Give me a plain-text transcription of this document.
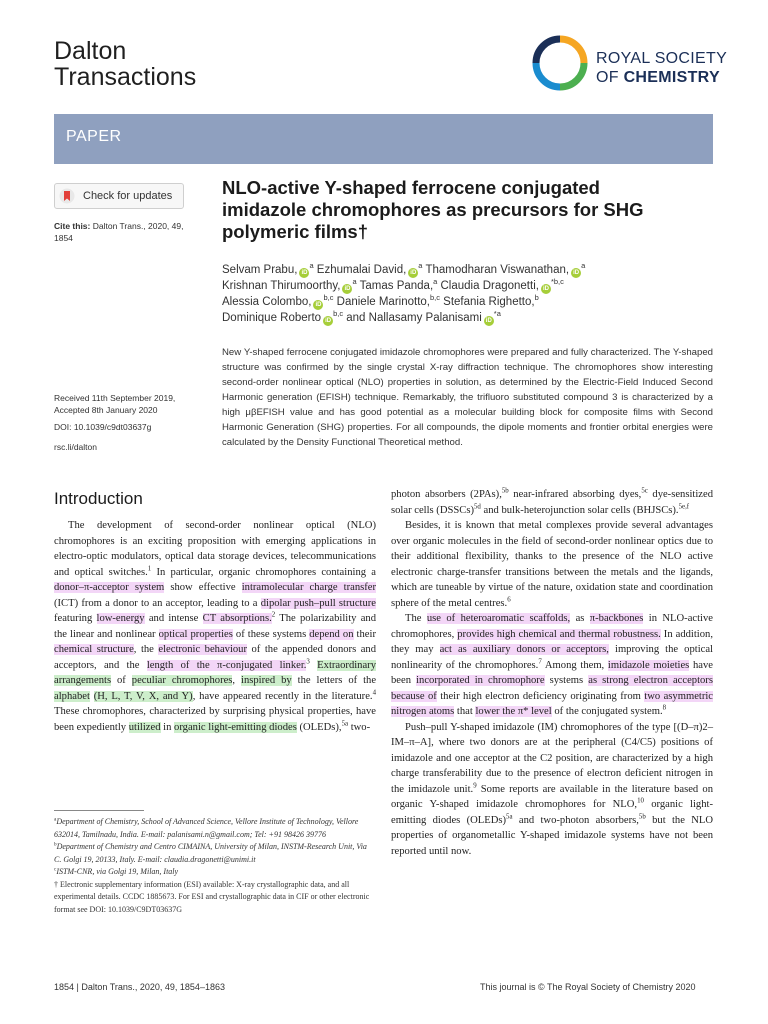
Dalton
Transactions
ROYAL SOCIETY
OF CHEMISTRY
PAPER
Check for updates
Cite this: Dalton Trans., 2020, 49, 1854
Received 11th September 2019,
Accepted 8th January 2020
DOI: 10.1039/c9dt03637g
rsc.li/dalton
NLO-active Y-shaped ferrocene conjugated imidazole chromophores as precursors for SHG polymeric films†
Selvam Prabu, $iD^a$ Ezhumalai David, $iD^a$ Thamodharan Viswanathan, $iD^a$
Krishnan Thirumoorthy, $iD^a$ Tamas Panda,$^a$ Claudia Dragonetti, iD$^{*b,c}$
Alessia Colombo, iD$^{b,c}$ Daniele Marinotto,$^{b,c}$ Stefania Righetto,$^b$
Dominique Roberto iD$^{b,c}$ and Nallasamy Palanisami $iD^{*a}$
New Y-shaped ferrocene conjugated imidazole chromophores were prepared and fully characterized. The Y-shaped structure was confirmed by the single crystal X-ray diffraction technique. The chromophores show interesting second-order nonlinear optical (NLO) properties in solution, as determined by the Electric-Field Induced Second Harmonic generation (EFISH) technique. Remarkably, the trifluoro substituted compound 3 is characterized by a high μβEFISH value and has good potential as a molecular building block for composite films with Second Harmonic Generation (SHG) properties. For all compounds, the dipole moments and frontier orbital energies were calculated by the Density Functional Theoretical method.
Introduction

The development of second-order nonlinear optical (NLO) chromophores is an exciting proposition with emerging applications in electro-optic modulators, optical data storage devices, telecommunications and optical switches.$^1$ In particular, organic chromophores containing a donor–π-acceptor system show effective intramolecular charge transfer (ICT) from a donor to an acceptor, leading to a dipolar push–pull structure featuring low-energy and intense CT absorptions.$^2$ The polarizability and the linear and nonlinear optical properties of these systems depend on their chemical structure, the electronic behaviour of the appended donors and acceptors, and the length of the π-conjugated linker.$^3$ Extraordinary arrangements of peculiar chromophores, inspired by the letters of the alphabet (H, L, T, V, X, and Y), have appeared recently in the literature.$^4$ These chromophores, characterized by surprising physical properties, have been expediently utilized in organic light-emitting diodes (OLEDs),$^{5a}$ two-

photon absorbers (2PAs),$^{5b}$ near-infrared absorbing dyes,$^{5c}$ dye-sensitized solar cells (DSSCs)$^{5d}$ and bulk-heterojunction solar cells (BHJSCs).$^{5e,f}$

Besides, it is known that metal complexes provide several advantages over organic molecules in the field of second-order nonlinear optics due to their additional flexibility, thanks to the presence of the NLO active electronic charge-transfer transitions between the metals and the ligands, which are tuneable by virtue of the nature, oxidation state and coordination sphere of the metal centres.$^6$

The use of heteroaromatic scaffolds, as π-backbones in NLO-active chromophores, provides high chemical and thermal robustness. In addition, they may act as auxiliary donors or acceptors, improving the optical nonlinearity of the chromophores.$^7$ Among them, imidazole moieties have been incorporated in chromophore systems as strong electron acceptors because of their high electron deficiency originating from two asymmetric nitrogen atoms that lower the π* level of the conjugated system.$^8$

Push–pull Y-shaped imidazole (IM) chromophores of the type [(D–π)2–IM–π–A], where two donors are at the peripheral (C4/C5) positions of imidazole and one acceptor at the C2 position, are characterized by a high charge transferability due to the presence of electron deficient nitrogen in the imidazole unit.$^9$ Some reports are available in the literature based on organic Y-shaped imidazole chromophores for NLO,$^{10}$ organic light-emitting diodes (OLEDs)$^{5a}$ and two-photon absorbers,$^{5b}$ but the NLO properties of organometallic Y-shaped imidazole systems have not been reported until now.

$^a$Department of Chemistry, School of Advanced Science, Vellore Institute of Technology, Vellore 632014, Tamilnadu, India. E-mail: palanisami.n@gmail.com; Tel: +91 98426 39776
$^b$Department of Chemistry and Centro CIMAINA, University of Milan, INSTM-Research Unit, Via C. Golgi 19, 20133, Italy. E-mail: claudia.dragonetti@unimi.it
$^c$ISTM-CNR, via Golgi 19, Milan, Italy
† Electronic supplementary information (ESI) available: X-ray crystallographic data, and all experimental details. CCDC 1885673. For ESI and crystallographic data in CIF or other electronic format see DOI: 10.1039/C9DT03637G
1854 | Dalton Trans., 2020, 49, 1854–1863	This journal is © The Royal Society of Chemistry 2020
